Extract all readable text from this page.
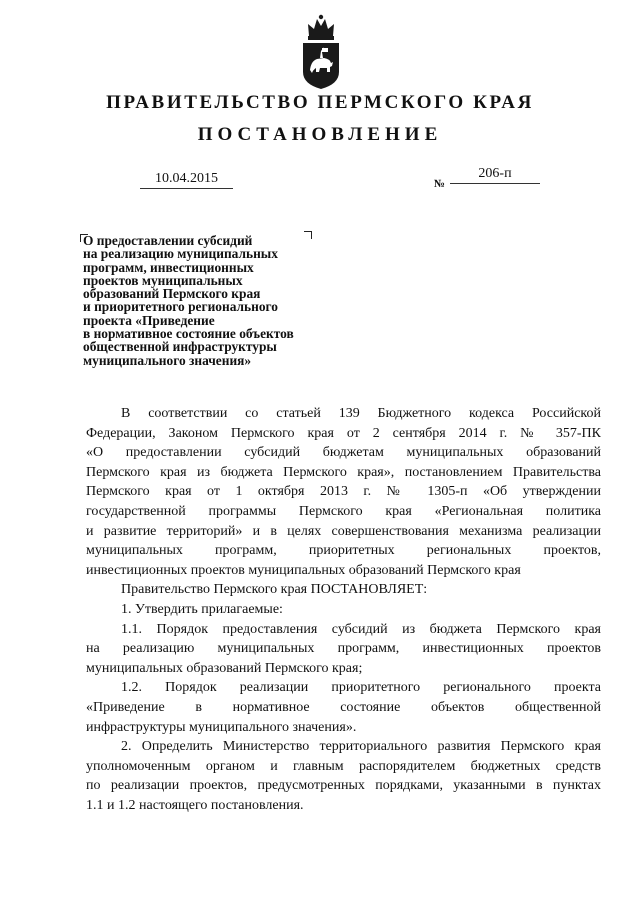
ПРАВИТЕЛЬСТВО ПЕРМСКОГО КРАЯ
ПОСТАНОВЛЕНИЕ
10.04.2015	№
206-п
О предоставлении субсидий
на реализацию муниципальных
программ, инвестиционных
проектов муниципальных
образований Пермского края
и приоритетного регионального
проекта «Приведение
в нормативное состояние объектов
общественной инфраструктуры
муниципального значения»
В соответствии со статьей 139 Бюджетного кодекса Российской
Федерации, Законом Пермского края от 2 сентября 2014 г. № 357-ПК
«О предоставлении субсидий бюджетам муниципальных образований
Пермского края из бюджета Пермского края», постановлением Правительства
Пермского края от 1 октября 2013 г. № 1305-п «Об утверждении
государственной программы Пермского края «Региональная политика
и развитие территорий» и в целях совершенствования механизма реализации
муниципальных программ, приоритетных региональных проектов,
инвестиционных проектов муниципальных образований Пермского края
Правительство Пермского края ПОСТАНОВЛЯЕТ:
1. Утвердить прилагаемые:
1.1. Порядок предоставления субсидий из бюджета Пермского края
на реализацию муниципальных программ, инвестиционных проектов
муниципальных образований Пермского края;
1.2. Порядок реализации приоритетного регионального проекта
«Приведение в нормативное состояние объектов общественной
инфраструктуры муниципального значения».
2. Определить Министерство территориального развития Пермского края
уполномоченным органом и главным распорядителем бюджетных средств
по реализации проектов, предусмотренных порядками, указанными в пунктах
1.1 и 1.2 настоящего постановления.
